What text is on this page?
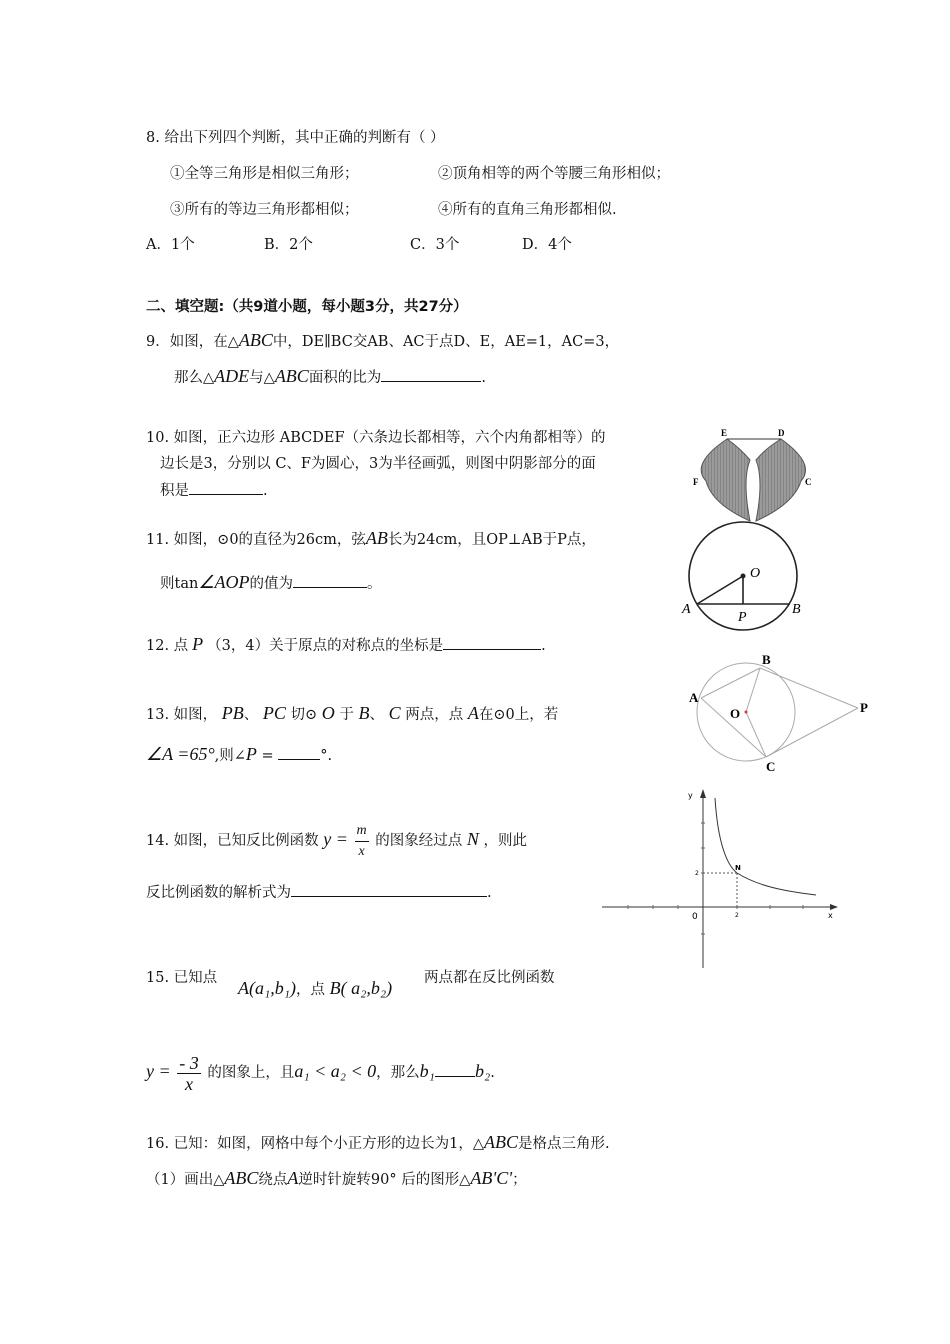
8. 给出下列四个判断，其中正确的判断有（ ）
①全等三角形是相似三角形；	②顶角相等的两个等腰三角形相似；
③所有的等边三角形都相似；	④所有的直角三角形都相似.
A．1个	B．2个	C．3个	D．4个
二、填空题:（共9道小题，每小题3分，共27分）
9．如图，在△ABC中，DE∥BC交AB、AC于点D、E，AE=1，AC=3，
那么△ADE与△ABC面积的比为	.
10. 如图，正六边形 ABCDEF（六条边长都相等，六个内角都相等）的
边长是3，分别以 C、F为圆心，3为半径画弧，则图中阴影部分的面
积是	.
E	D
F	C
11. 如图，⊙0的直径为26cm，弦AB长为24cm，且OP⊥AB于P点，
则tan∠AOP的值为	。
O
A	B
P
12. 点 P （3，4）关于原点的对称点的坐标是	.
13. 如图， PB、 PC 切⊙ O 于 B、 C 两点，点 A在⊙0上，若
∠A =65°,则∠P =	°.
A
B
O
C
P
14. 如图，已知反比例函数 $y = \frac{m}{x}$ 的图象经过点 N ，则此
反比例函数的解析式为	.
N
y
x
0	2
2
15. 已知点 A(a₁,b₁)，点 B( a₂,b₂) 两点都在反比例函数
$y = \frac{- 3}{x}$ 的图象上，且a₁ < a₂ < 0，那么b₁ b₂.
16. 已知：如图，网格中每个小正方形的边长为1，△ABC是格点三角形.
（1）画出△ABC绕点A逆时针旋转90° 后的图形△AB'C'；
